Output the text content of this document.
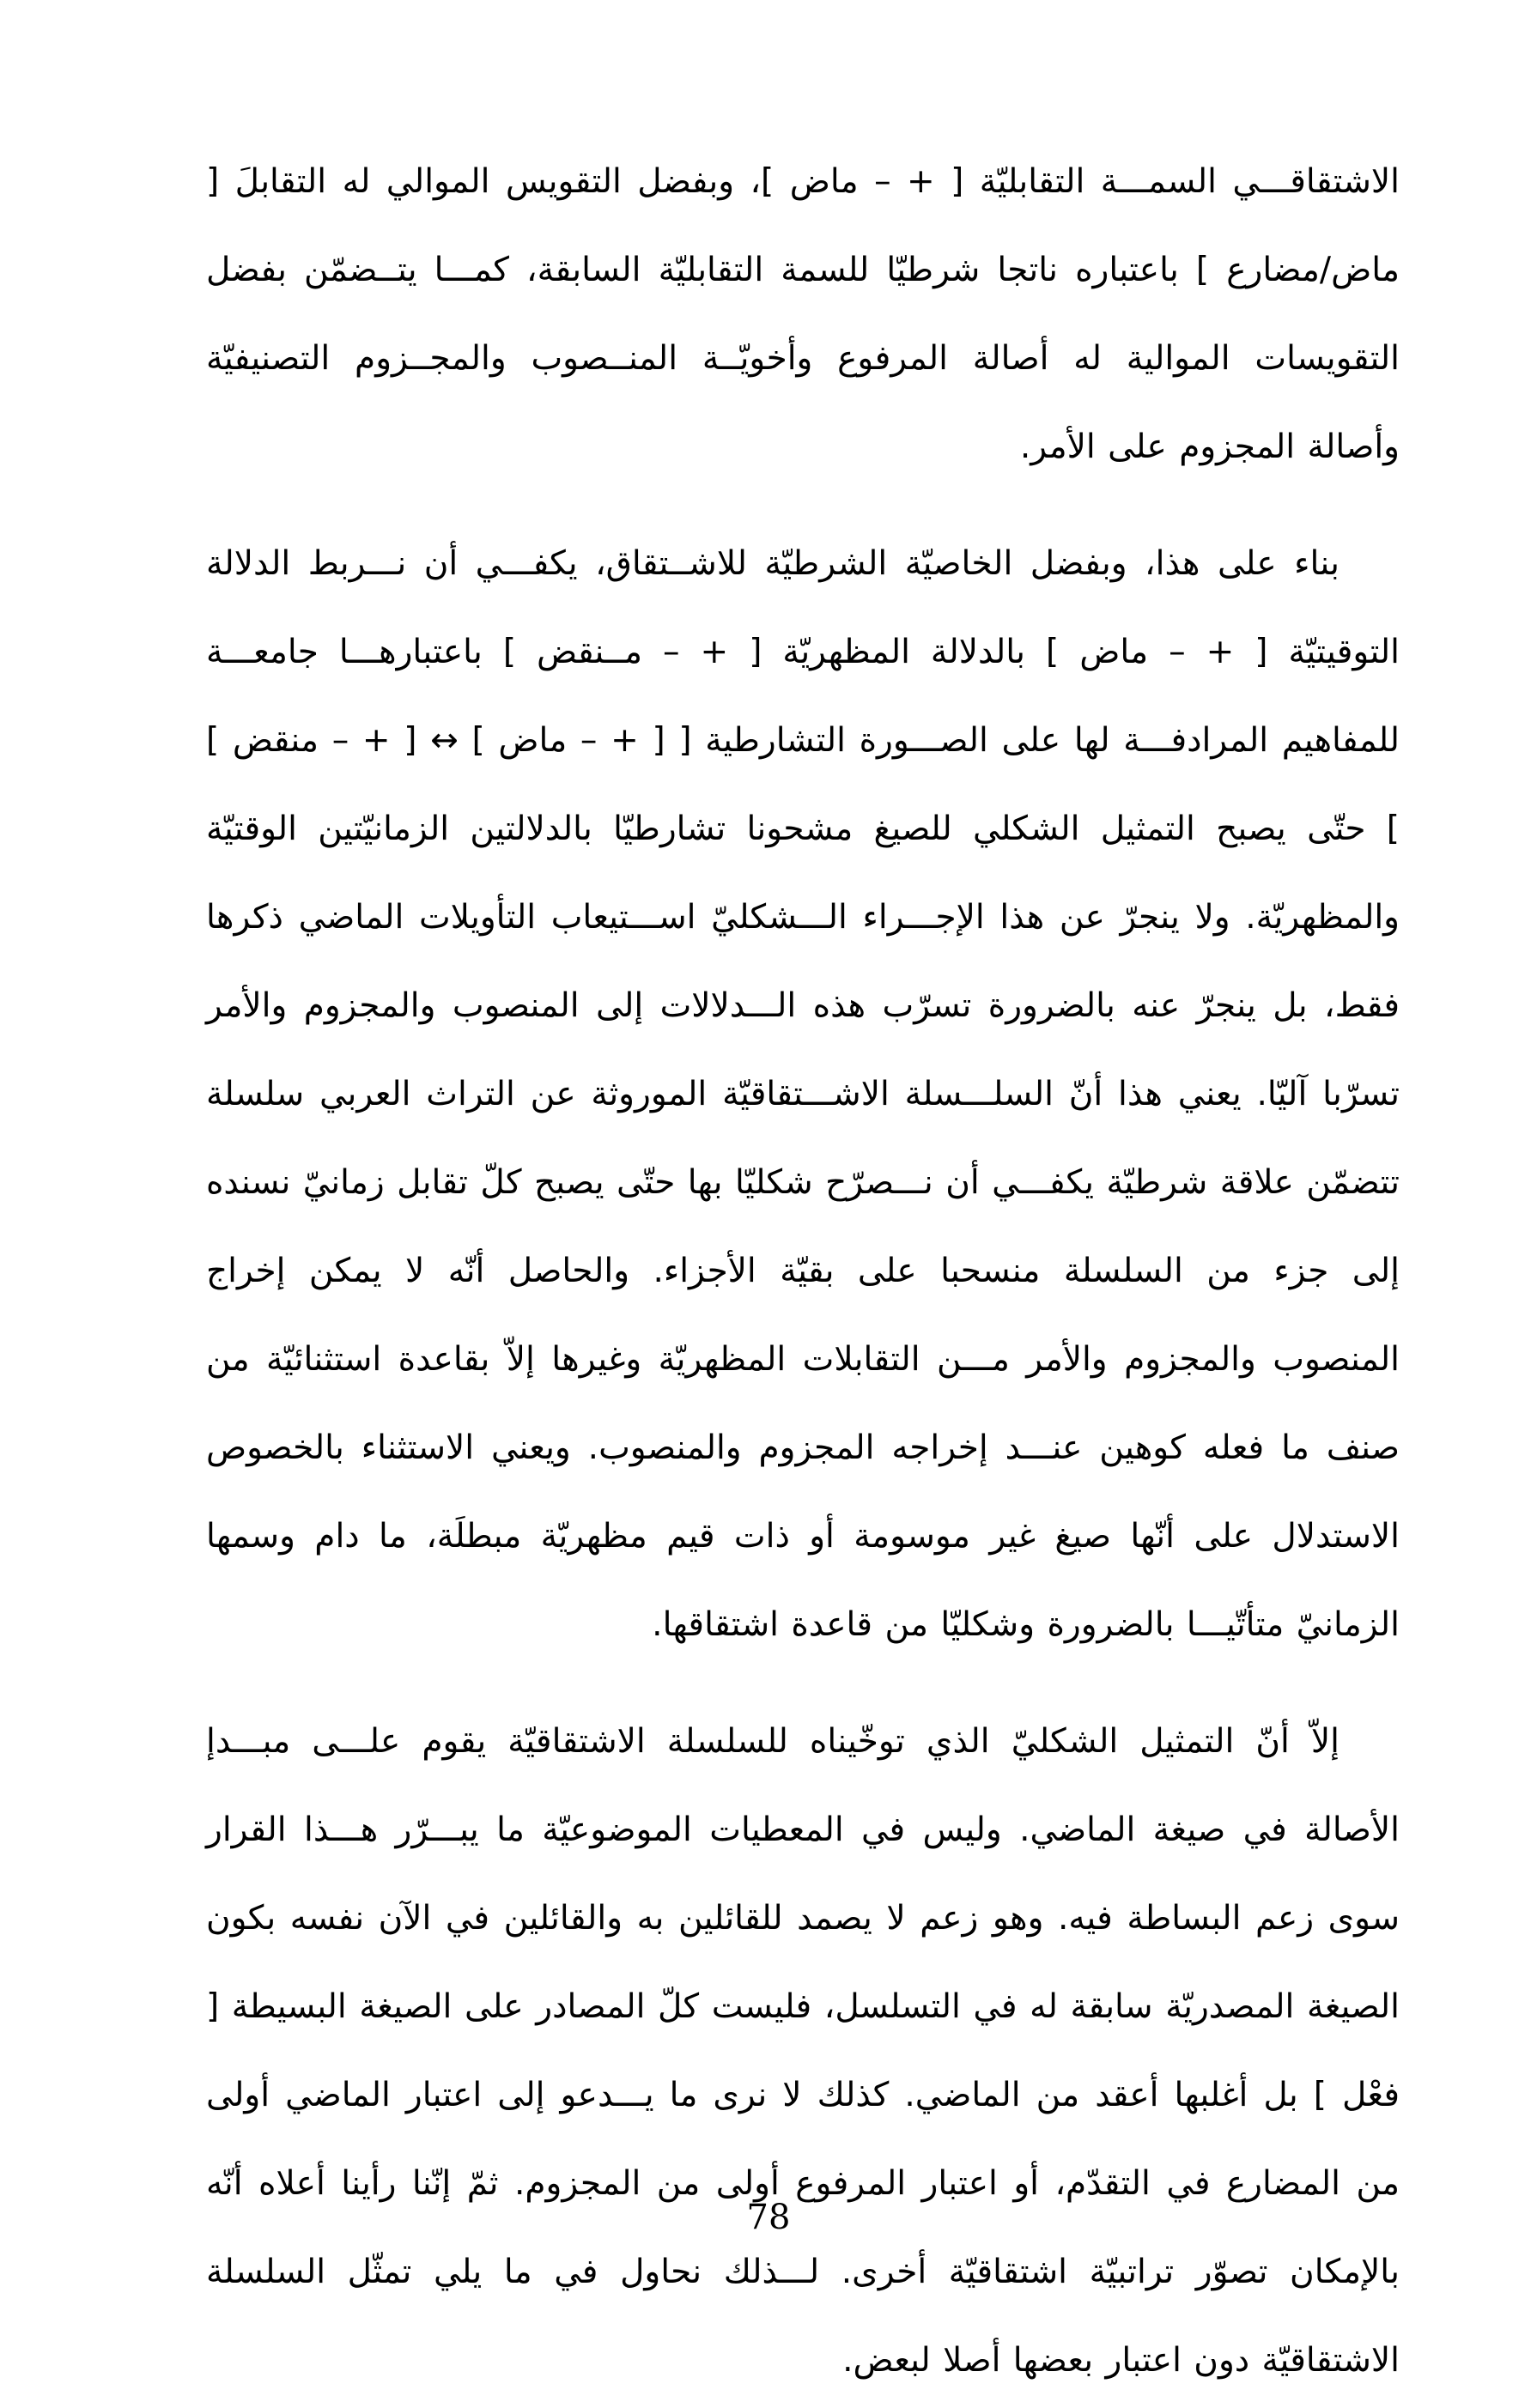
الاشتقاقـــي السمـــة التقابليّة [ + – ماض ]، وبفضل التقويس الموالي له التقابلَ [ ماض/مضارع ] باعتباره ناتجا شرطيّا للسمة التقابليّة السابقة، كمـــا يتــضمّن بفضل التقويسات الموالية له أصالة المرفوع وأخويّــة المنــصوب والمجــزوم التصنيفيّة وأصالة المجزوم على الأمر.

بناء على هذا، وبفضل الخاصيّة الشرطيّة للاشــتقاق، يكفـــي أن نـــربط الدلالة التوقيتيّة [ + – ماض ] بالدلالة المظهريّة [ + – مــنقض ] باعتبارهـــا جامعـــة للمفاهيم المرادفـــة لها على الصـــورة التشارطية [ [ + – ماض ] ↔ [ + – منقض ] ] حتّى يصبح التمثيل الشكلي للصيغ مشحونا تشارطيّا بالدلالتين الزمانيّتين الوقتيّة والمظهريّة. ولا ينجرّ عن هذا الإجـــراء الـــشكليّ اســـتيعاب التأويلات الماضي ذكرها فقط، بل ينجرّ عنه بالضرورة تسرّب هذه الـــدلالات إلى المنصوب والمجزوم والأمر تسرّبا آليّا. يعني هذا أنّ السلـــسلة الاشـــتقاقيّة الموروثة عن التراث العربي سلسلة تتضمّن علاقة شرطيّة يكفـــي أن نـــصرّح شكليّا بها حتّى يصبح كلّ تقابل زمانيّ نسنده إلى جزء من السلسلة منسحبا على بقيّة الأجزاء. والحاصل أنّه لا يمكن إخراج المنصوب والمجزوم والأمر مـــن التقابلات المظهريّة وغيرها إلاّ بقاعدة استثنائيّة من صنف ما فعله كوهين عنـــد إخراجه المجزوم والمنصوب. ويعني الاستثناء بالخصوص الاستدلال على أنّها صيغ غير موسومة أو ذات قيم مظهريّة مبطلَة، ما دام وسمها الزمانيّ متأتّيـــا بالضرورة وشكليّا من قاعدة اشتقاقها.

إلاّ أنّ التمثيل الشكليّ الذي توخّيناه للسلسلة الاشتقاقيّة يقوم علـــى مبـــدإ الأصالة في صيغة الماضي. وليس في المعطيات الموضوعيّة ما يبـــرّر هـــذا القرار سوى زعم البساطة فيه. وهو زعم لا يصمد للقائلين به والقائلين في الآن نفسه بكون الصيغة المصدريّة سابقة له في التسلسل، فليست كلّ المصادر على الصيغة البسيطة [ فعْل ] بل أغلبها أعقد من الماضي. كذلك لا نرى ما يـــدعو إلى اعتبار الماضي أولى من المضارع في التقدّم، أو اعتبار المرفوع أولى من المجزوم. ثمّ إنّنا رأينا أعلاه أنّه بالإمكان تصوّر تراتبيّة اشتقاقيّة أخرى. لـــذلك نحاول في ما يلي تمثّل السلسلة الاشتقاقيّة دون اعتبار بعضها أصلا لبعض.

78
